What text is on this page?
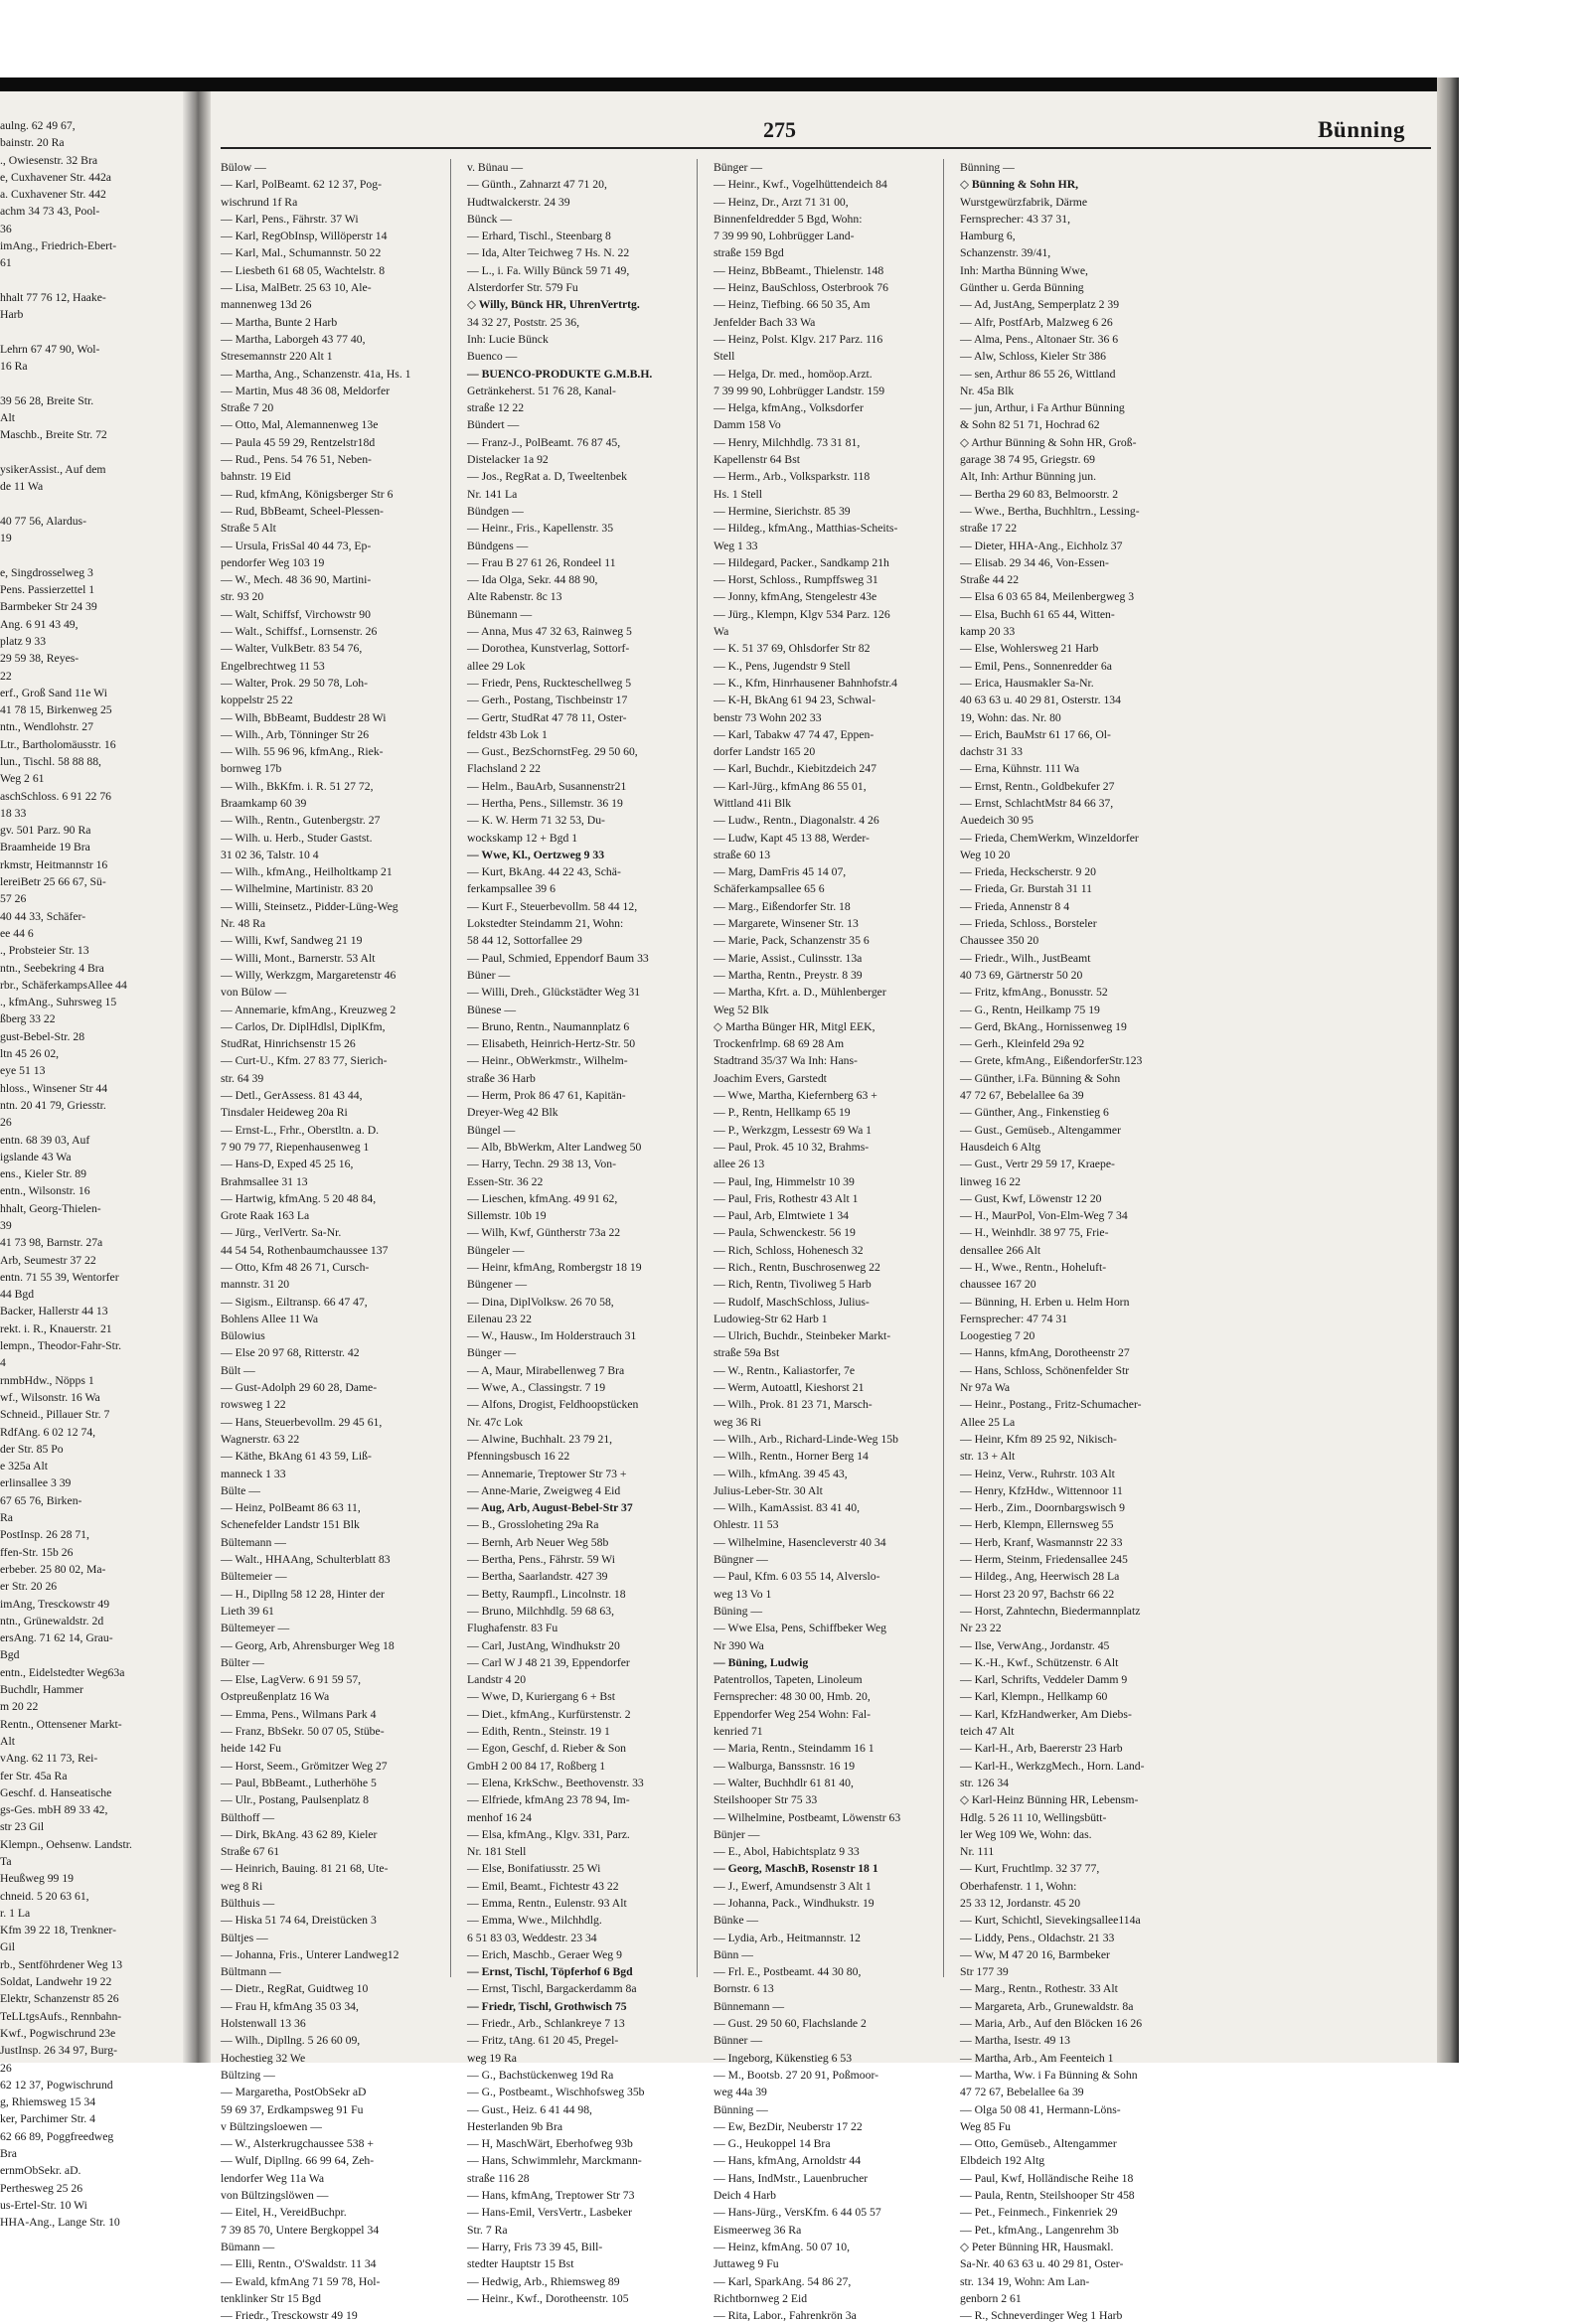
aulng. 62 49 67,
bainstr. 20 Ra
., Owiesenstr. 32 Bra
e, Cuxhavener Str. 442a
a. Cuxhavener Str. 442
achm 34 73 43, Pool-
36
imAng., Friedrich-Ebert-
61

hhalt 77 76 12, Haake-
Harb

Lehrn 67 47 90, Wol-
16 Ra

39 56 28, Breite Str.
Alt
Maschb., Breite Str. 72

ysikerAssist., Auf dem
de 11 Wa

40 77 56, Alardus-
19

e, Singdrosselweg 3
Pens. Passierzettel 1
Barmbeker Str 24 39
Ang. 6 91 43 49,
platz 9 33
29 59 38, Reyes-
22
erf., Groß Sand 11e Wi
41 78 15, Birkenweg 25
ntn., Wendlohstr. 27
Ltr., Bartholomäusstr. 16
lun., Tischl. 58 88 88,
Weg 2 61
aschSchloss. 6 91 22 76
18 33
gv. 501 Parz. 90 Ra
Braamheide 19 Bra
rkmstr, Heitmannstr 16
lereiBetr 25 66 67, Sü-
57 26
40 44 33, Schäfer-
ee 44 6
., Probsteier Str. 13
ntn., Seebekring 4 Bra
rbr., SchäferkampsAllee 44
., kfmAng., Suhrsweg 15
ßberg 33 22
gust-Bebel-Str. 28
ltn 45 26 02,
eye 51 13
hloss., Winsener Str 44
ntn. 20 41 79, Griesstr.
26
entn. 68 39 03, Auf
igslande 43 Wa
ens., Kieler Str. 89
entn., Wilsonstr. 16
hhalt, Georg-Thielen-
39
41 73 98, Barnstr. 27a
Arb, Seumestr 37 22
entn. 71 55 39, Wentorfer
44 Bgd
Backer, Hallerstr 44 13
rekt. i. R., Knauerstr. 21
lempn., Theodor-Fahr-Str.
4
rnmbHdw., Nöpps 1
wf., Wilsonstr. 16 Wa
Schneid., Pillauer Str. 7
RdfAng. 6 02 12 74,
der Str. 85 Po
e 325a Alt
erlinsallee 3 39
67 65 76, Birken-
Ra
PostInsp. 26 28 71,
ffen-Str. 15b 26
erbeber. 25 80 02, Ma-
er Str. 20 26
imAng, Tresckowstr 49
ntn., Grünewaldstr. 2d
ersAng. 71 62 14, Grau-
Bgd
entn., Eidelstedter Weg63a
Buchdlr, Hammer
m 20 22
Rentn., Ottensener Markt-
Alt
vAng. 62 11 73, Rei-
fer Str. 45a Ra
Geschf. d. Hanseatische
gs-Ges. mbH 89 33 42,
str 23 Gil
Klempn., Oehsenw. Landstr.
Ta
Heußweg 99 19
chneid. 5 20 63 61,
r. 1 La
Kfm 39 22 18, Trenkner-
Gil
rb., Sentföhrdener Weg 13
Soldat, Landwehr 19 22
Elektr, Schanzenstr 85 26
TeLLtgsAufs., Rennbahn-
Kwf., Pogwischrund 23e
JustInsp. 26 34 97, Burg-
26
62 12 37, Pogwischrund
g, Rhiemsweg 15 34
ker, Parchimer Str. 4
62 66 89, Poggfreedweg
Bra
ernmObSekr. aD.
Perthesweg 25 26
us-Ertel-Str. 10 Wi
HHA-Ang., Lange Str. 10
275	Bünning
Bülow —
— Karl, PolBeamt. 62 12 37, Pog-
wischrund 1f Ra
— Karl, Pens., Fährstr. 37 Wi
— Karl, RegObInsp, Willöperstr 14
— Karl, Mal., Schumannstr. 50 22
— Liesbeth 61 68 05, Wachtelstr. 8
— Lisa, MalBetr. 25 63 10, Ale-
mannenweg 13d 26
— Martha, Bunte 2 Harb
— Martha, Laborgeh 43 77 40,
Stresemannstr 220 Alt 1
— Martha, Ang., Schanzenstr. 41a, Hs. 1
— Martin, Mus 48 36 08, Meldorfer
Straße 7 20
— Otto, Mal, Alemannenweg 13e
— Paula 45 59 29, Rentzelstr18d
— Rud., Pens. 54 76 51, Neben-
bahnstr. 19 Eid
— Rud, kfmAng, Königsberger Str 6
— Rud, BbBeamt, Scheel-Plessen-
Straße 5 Alt
— Ursula, FrisSal 40 44 73, Ep-
pendorfer Weg 103 19
— W., Mech. 48 36 90, Martini-
str. 93 20
— Walt, Schiffsf, Virchowstr 90
— Walt., Schiffsf., Lornsenstr. 26
— Walter, VulkBetr. 83 54 76,
Engelbrechtweg 11 53
— Walter, Prok. 29 50 78, Loh-
koppelstr 25 22
— Wilh, BbBeamt, Buddestr 28 Wi
— Wilh., Arb, Tönninger Str 26
— Wilh. 55 96 96, kfmAng., Riek-
bornweg 17b
— Wilh., BkKfm. i. R. 51 27 72,
Braamkamp 60 39
— Wilh., Rentn., Gutenbergstr. 27
— Wilh. u. Herb., Studer Gastst.
31 02 36, Talstr. 10 4
— Wilh., kfmAng., Heilholtkamp 21
— Wilhelmine, Martinistr. 83 20
— Willi, Steinsetz., Pidder-Lüng-Weg
Nr. 48 Ra
— Willi, Kwf, Sandweg 21 19
— Willi, Mont., Barnerstr. 53 Alt
— Willy, Werkzgm, Margaretenstr 46
von Bülow —
— Annemarie, kfmAng., Kreuzweg 2
— Carlos, Dr. DiplHdlsl, DiplKfm,
StudRat, Hinrichsenstr 15 26
— Curt-U., Kfm. 27 83 77, Sierich-
str. 64 39
— Detl., GerAssess. 81 43 44,
Tinsdaler Heideweg 20a Ri
— Ernst-L., Frhr., Oberstltn. a. D.
7 90 79 77, Riepenhausenweg 1
— Hans-D, Exped 45 25 16,
Brahmsallee 31 13
— Hartwig, kfmAng. 5 20 48 84,
Grote Raak 163 La
— Jürg., VerlVertr. Sa-Nr.
44 54 54, Rothenbaumchaussee 137
— Otto, Kfm 48 26 71, Cursch-
mannstr. 31 20
— Sigism., Eiltransp. 66 47 47,
Bohlens Allee 11 Wa
Bülowius
— Else 20 97 68, Ritterstr. 42
Bült —
— Gust-Adolph 29 60 28, Dame-
rowsweg 1 22
— Hans, Steuerbevollm. 29 45 61,
Wagnerstr. 63 22
— Käthe, BkAng 61 43 59, Liß-
manneck 1 33
Bülte —
— Heinz, PolBeamt 86 63 11,
Schenefelder Landstr 151 Blk
Bültemann —
— Walt., HHAAng, Schulterblatt 83
Bültemeier —
— H., Dipllng 58 12 28, Hinter der
Lieth 39 61
Bültemeyer —
— Georg, Arb, Ahrensburger Weg 18
Bülter —
— Else, LagVerw. 6 91 59 57,
Ostpreußenplatz 16 Wa
— Emma, Pens., Wilmans Park 4
— Franz, BbSekr. 50 07 05, Stübe-
heide 142 Fu
— Horst, Seem., Grömitzer Weg 27
— Paul, BbBeamt., Lutherhöhe 5
— Ulr., Postang, Paulsenplatz 8
Bülthoff —
— Dirk, BkAng. 43 62 89, Kieler
Straße 67 61
— Heinrich, Bauing. 81 21 68, Ute-
weg 8 Ri
Bülthuis —
— Hiska 51 74 64, Dreistücken 3
Bültjes —
— Johanna, Fris., Unterer Landweg12
Bültmann —
— Dietr., RegRat, Guidtweg 10
— Frau H, kfmAng 35 03 34,
Holstenwall 13 36
— Wilh., Dipllng. 5 26 60 09,
Hochestieg 32 We
Bültzing —
— Margaretha, PostObSekr aD
59 69 37, Erdkampsweg 91 Fu
v Bültzingsloewen —
— W., Alsterkrugchaussee 538 +
— Wulf, Dipllng. 66 99 64, Zeh-
lendorfer Weg 11a Wa
von Bültzingslöwen —
— Eitel, H., VereidBuchpr.
7 39 85 70, Untere Bergkoppel 34
Bümann —
— Elli, Rentn., O'Swaldstr. 11 34
— Ewald, kfmAng 71 59 78, Hol-
tenklinker Str 15 Bgd
— Friedr., Tresckowstr 49 19
v. Bünau —
— Günth., Zahnarzt 47 71 20,
Hudtwalckerstr. 24 39
Bünck —
— Erhard, Tischl., Steenbarg 8
— Ida, Alter Teichweg 7 Hs. N. 22
— L., i. Fa. Willy Bünck 59 71 49,
Alsterdorfer Str. 579 Fu
◇ Willy, Bünck HR, UhrenVertrtg.
34 32 27, Poststr. 25 36,
Inh: Lucie Bünck
Buenco —
— BUENCO-PRODUKTE G.M.B.H.
Getränkeherst. 51 76 28, Kanal-
straße 12 22
Bündert —
— Franz-J., PolBeamt. 76 87 45,
Distelacker 1a 92
— Jos., RegRat a. D, Tweeltenbek
Nr. 141 La
Bündgen —
— Heinr., Fris., Kapellenstr. 35
Bündgens —
— Frau B 27 61 26, Rondeel 11
— Ida Olga, Sekr. 44 88 90,
Alte Rabenstr. 8c 13
Bünemann —
— Anna, Mus 47 32 63, Rainweg 5
— Dorothea, Kunstverlag, Sottorf-
allee 29 Lok
— Friedr, Pens, Ruckteschellweg 5
— Gerh., Postang, Tischbeinstr 17
— Gertr, StudRat 47 78 11, Oster-
feldstr 43b Lok 1
— Gust., BezSchornstFeg. 29 50 60,
Flachsland 2 22
— Helm., BauArb, Susannenstr21
— Hertha, Pens., Sillemstr. 36 19
— K. W. Herm 71 32 53, Du-
wockskamp 12 + Bgd 1
— Wwe, Kl., Oertzweg 9 33
— Kurt, BkAng. 44 22 43, Schä-
ferkampsallee 39 6
— Kurt F., Steuerbevollm. 58 44 12,
Lokstedter Steindamm 21, Wohn:
58 44 12, Sottorfallee 29
— Paul, Schmied, Eppendorf Baum 33
Büner —
— Willi, Dreh., Glückstädter Weg 31
Bünese —
— Bruno, Rentn., Naumannplatz 6
— Elisabeth, Heinrich-Hertz-Str. 50
— Heinr., ObWerkmstr., Wilhelm-
straße 36 Harb
— Herm, Prok 86 47 61, Kapitän-
Dreyer-Weg 42 Blk
Büngel —
— Alb, BbWerkm, Alter Landweg 50
— Harry, Techn. 29 38 13, Von-
Essen-Str. 36 22
— Lieschen, kfmAng. 49 91 62,
Sillemstr. 10b 19
— Wilh, Kwf, Güntherstr 73a 22
Büngeler —
— Heinr, kfmAng, Rombergstr 18 19
Büngener —
— Dina, DiplVolksw. 26 70 58,
Eilenau 23 22
— W., Hausw., Im Holderstrauch 31
Bünger —
— A, Maur, Mirabellenweg 7 Bra
— Wwe, A., Classingstr. 7 19
— Alfons, Drogist, Feldhoopstücken
Nr. 47c Lok
— Alwine, Buchhalt. 23 79 21,
Pfenningsbusch 16 22
— Annemarie, Treptower Str 73 +
— Anne-Marie, Zweigweg 4 Eid
— Aug, Arb, August-Bebel-Str 37
— B., Grossloheting 29a Ra
— Bernh, Arb Neuer Weg 58b
— Bertha, Pens., Fährstr. 59 Wi
— Bertha, Saarlandstr. 427 39
— Betty, Raumpfl., Lincolnstr. 18
— Bruno, Milchhdlg. 59 68 63,
Flughafenstr. 83 Fu
— Carl, JustAng, Windhukstr 20
— Carl W J 48 21 39, Eppendorfer
Landstr 4 20
— Wwe, D, Kuriergang 6 + Bst
— Diet., kfmAng., Kurfürstenstr. 2
— Edith, Rentn., Steinstr. 19 1
— Egon, Geschf, d. Rieber & Son
GmbH 2 00 84 17, Roßberg 1
— Elena, KrkSchw., Beethovenstr. 33
— Elfriede, kfmAng 23 78 94, Im-
menhof 16 24
— Elsa, kfmAng., Klgv. 331, Parz.
Nr. 181 Stell
— Else, Bonifatiusstr. 25 Wi
— Emil, Beamt., Fichtestr 43 22
— Emma, Rentn., Eulenstr. 93 Alt
— Emma, Wwe., Milchhdlg.
6 51 83 03, Weddestr. 23 34
— Erich, Maschb., Geraer Weg 9
— Ernst, Tischl, Töpferhof 6 Bgd
— Ernst, Tischl, Bargackerdamm 8a
— Friedr, Tischl, Grothwisch 75
— Friedr., Arb., Schlankreye 7 13
— Fritz, tAng. 61 20 45, Pregel-
weg 19 Ra
— G., Bachstückenweg 19d Ra
— G., Postbeamt., Wischhofsweg 35b
— Gust., Heiz. 6 41 44 98,
Hesterlanden 9b Bra
— H, MaschWärt, Eberhofweg 93b
— Hans, Schwimmlehr, Marckmann-
straße 116 28
— Hans, kfmAng, Treptower Str 73
— Hans-Emil, VersVertr., Lasbeker
Str. 7 Ra
— Harry, Fris 73 39 45, Bill-
stedter Hauptstr 15 Bst
— Hedwig, Arb., Rhiemsweg 89
— Heinr., Kwf., Dorotheenstr. 105
Bünger —
— Heinr., Kwf., Vogelhüttendeich 84
— Heinz, Dr., Arzt 71 31 00,
Binnenfeldredder 5 Bgd, Wohn:
7 39 99 90, Lohbrügger Land-
straße 159 Bgd
— Heinz, BbBeamt., Thielenstr. 148
— Heinz, BauSchloss, Osterbrook 76
— Heinz, Tiefbing. 66 50 35, Am
Jenfelder Bach 33 Wa
— Heinz, Polst. Klgv. 217 Parz. 116
Stell
— Helga, Dr. med., homöop.Arzt.
7 39 99 90, Lohbrügger Landstr. 159
— Helga, kfmAng., Volksdorfer
Damm 158 Vo
— Henry, Milchhdlg. 73 31 81,
Kapellenstr 64 Bst
— Herm., Arb., Volksparkstr. 118
Hs. 1 Stell
— Hermine, Sierichstr. 85 39
— Hildeg., kfmAng., Matthias-Scheits-
Weg 1 33
— Hildegard, Packer., Sandkamp 21h
— Horst, Schloss., Rumpffsweg 31
— Jonny, kfmAng, Stengelestr 43e
— Jürg., Klempn, Klgv 534 Parz. 126
Wa
— K. 51 37 69, Ohlsdorfer Str 82
— K., Pens, Jugendstr 9 Stell
— K., Kfm, Hinrhausener Bahnhofstr.4
— K-H, BkAng 61 94 23, Schwal-
benstr 73 Wohn 202 33
— Karl, Tabakw 47 74 47, Eppen-
dorfer Landstr 165 20
— Karl, Buchdr., Kiebitzdeich 247
— Karl-Jürg., kfmAng 86 55 01,
Wittland 41i Blk
— Ludw., Rentn., Diagonalstr. 4 26
— Ludw, Kapt 45 13 88, Werder-
straße 60 13
— Marg, DamFris 45 14 07,
Schäferkampsallee 65 6
— Marg., Eißendorfer Str. 18
— Margarete, Winsener Str. 13
— Marie, Pack, Schanzenstr 35 6
— Marie, Assist., Culinsstr. 13a
— Martha, Rentn., Preystr. 8 39
— Martha, Kfrt. a. D., Mühlenberger
Weg 52 Blk
◇ Martha Bünger HR, Mitgl EEK,
Trockenfrlmp. 68 69 28 Am
Stadtrand 35/37 Wa Inh: Hans-
Joachim Evers, Garstedt
— Wwe, Martha, Kiefernberg 63 +
— P., Rentn, Hellkamp 65 19
— P., Werkzgm, Lessestr 69 Wa 1
— Paul, Prok. 45 10 32, Brahms-
allee 26 13
— Paul, Ing, Himmelstr 10 39
— Paul, Fris, Rothestr 43 Alt 1
— Paul, Arb, Elmtwiete 1 34
— Paula, Schwenckestr. 56 19
— Rich, Schloss, Hohenesch 32
— Rich., Rentn, Buschrosenweg 22
— Rich, Rentn, Tivoliweg 5 Harb
— Rudolf, MaschSchloss, Julius-
Ludowieg-Str 62 Harb 1
— Ulrich, Buchdr., Steinbeker Markt-
straße 59a Bst
— W., Rentn., Kaliastorfer, 7e
— Werm, Autoattl, Kieshorst 21
— Wilh., Prok. 81 23 71, Marsch-
weg 36 Ri
— Wilh., Arb., Richard-Linde-Weg 15b
— Wilh., Rentn., Horner Berg 14
— Wilh., kfmAng. 39 45 43,
Julius-Leber-Str. 30 Alt
— Wilh., KamAssist. 83 41 40,
Ohlestr. 11 53
— Wilhelmine, Hasencleverstr 40 34
Büngner —
— Paul, Kfm. 6 03 55 14, Alverslo-
weg 13 Vo 1
Büning —
— Wwe Elsa, Pens, Schiffbeker Weg
Nr 390 Wa
— Büning, Ludwig
Patentrollos, Tapeten, Linoleum
Fernsprecher: 48 30 00, Hmb. 20,
Eppendorfer Weg 254 Wohn: Fal-
kenried 71
— Maria, Rentn., Steindamm 16 1
— Walburga, Banssnstr. 16 19
— Walter, Buchhdlr 61 81 40,
Steilshooper Str 75 33
— Wilhelmine, Postbeamt, Löwenstr 63
Bünjer —
— E., Abol, Habichtsplatz 9 33
— Georg, MaschB, Rosenstr 18 1
— J., Ewerf, Amundsenstr 3 Alt 1
— Johanna, Pack., Windhukstr. 19
Bünke —
— Lydia, Arb., Heitmannstr. 12
Bünn —
— Frl. E., Postbeamt. 44 30 80,
Bornstr. 6 13
Bünnemann —
— Gust. 29 50 60, Flachslande 2
Bünner —
— Ingeborg, Kükenstieg 6 53
— M., Bootsb. 27 20 91, Poßmoor-
weg 44a 39
Bünning —
— Ew, BezDir, Neuberstr 17 22
— G., Heukoppel 14 Bra
— Hans, kfmAng, Arnoldstr 44
— Hans, IndMstr., Lauenbrucher
Deich 4 Harb
— Hans-Jürg., VersKfm. 6 44 05 57
Eismeerweg 36 Ra
— Heinz, kfmAng. 50 07 10,
Juttaweg 9 Fu
— Karl, SparkAng. 54 86 27,
Richtbornweg 2 Eid
— Rita, Labor., Fahrenkrön 3a
Bünning —
◇ Bünning & Sohn HR,
Wurstgewürzfabrik, Därme
Fernsprecher: 43 37 31,
Hamburg 6,
Schanzenstr. 39/41,
Inh: Martha Bünning Wwe,
Günther u. Gerda Bünning
— Ad, JustAng, Semperplatz 2 39
— Alfr, PostfArb, Malzweg 6 26
— Alma, Pens., Altonaer Str. 36 6
— Alw, Schloss, Kieler Str 386
— sen, Arthur 86 55 26, Wittland
Nr. 45a Blk
— jun, Arthur, i Fa Arthur Bünning
& Sohn 82 51 71, Hochrad 62
◇ Arthur Bünning & Sohn HR, Groß-
garage 38 74 95, Griegstr. 69
Alt, Inh: Arthur Bünning jun.
— Bertha 29 60 83, Belmoorstr. 2
— Wwe., Bertha, Buchhltrn., Lessing-
straße 17 22
— Dieter, HHA-Ang., Eichholz 37
— Elisab. 29 34 46, Von-Essen-
Straße 44 22
— Elsa 6 03 65 84, Meilenbergweg 3
— Elsa, Buchh 61 65 44, Witten-
kamp 20 33
— Else, Wohlersweg 21 Harb
— Emil, Pens., Sonnenredder 6a
— Erica, Hausmakler Sa-Nr.
40 63 63 u. 40 29 81, Osterstr. 134
19, Wohn: das. Nr. 80
— Erich, BauMstr 61 17 66, Ol-
dachstr 31 33
— Erna, Kühnstr. 111 Wa
— Ernst, Rentn., Goldbekufer 27
— Ernst, SchlachtMstr 84 66 37,
Auedeich 30 95
— Frieda, ChemWerkm, Winzeldorfer
Weg 10 20
— Frieda, Heckscherstr. 9 20
— Frieda, Gr. Burstah 31 11
— Frieda, Annenstr 8 4
— Frieda, Schloss., Borsteler
Chaussee 350 20
— Friedr., Wilh., JustBeamt
40 73 69, Gärtnerstr 50 20
— Fritz, kfmAng., Bonusstr. 52
— G., Rentn, Heilkamp 75 19
— Gerd, BkAng., Hornissenweg 19
— Gerh., Kleinfeld 29a 92
— Grete, kfmAng., EißendorferStr.123
— Günther, i.Fa. Bünning & Sohn
47 72 67, Bebelallee 6a 39
— Günther, Ang., Finkenstieg 6
— Gust., Gemüseb., Altengammer
Hausdeich 6 Altg
— Gust., Vertr 29 59 17, Kraepe-
linweg 16 22
— Gust, Kwf, Löwenstr 12 20
— H., MaurPol, Von-Elm-Weg 7 34
— H., Weinhdlr. 38 97 75, Frie-
densallee 266 Alt
— H., Wwe., Rentn., Hoheluft-
chaussee 167 20
— Bünning, H. Erben u. Helm Horn
Fernsprecher: 47 74 31
Loogestieg 7 20
— Hanns, kfmAng, Dorotheenstr 27
— Hans, Schloss, Schönenfelder Str
Nr 97a Wa
— Heinr., Postang., Fritz-Schumacher-
Allee 25 La
— Heinr, Kfm 89 25 92, Nikisch-
str. 13 + Alt
— Heinz, Verw., Ruhrstr. 103 Alt
— Henry, KfzHdw., Wittennoor 11
— Herb., Zim., Doornbargswisch 9
— Herb, Klempn, Ellernsweg 55
— Herb, Kranf, Wasmannstr 22 33
— Herm, Steinm, Friedensallee 245
— Hildeg., Ang, Heerwisch 28 La
— Horst 23 20 97, Bachstr 66 22
— Horst, Zahntechn, Biedermannplatz
Nr 23 22
— Ilse, VerwAng., Jordanstr. 45
— K.-H., Kwf., Schützenstr. 6 Alt
— Karl, Schrifts, Veddeler Damm 9
— Karl, Klempn., Hellkamp 60
— Karl, KfzHandwerker, Am Diebs-
teich 47 Alt
— Karl-H., Arb, Baererstr 23 Harb
— Karl-H., WerkzgMech., Horn. Land-
str. 126 34
◇ Karl-Heinz Bünning HR, Lebensm-
Hdlg. 5 26 11 10, Wellingsbütt-
ler Weg 109 We, Wohn: das.
Nr. 111
— Kurt, Fruchtlmp. 32 37 77,
Oberhafenstr. 1 1, Wohn:
25 33 12, Jordanstr. 45 20
— Kurt, Schichtl, Sievekingsallee114a
— Liddy, Pens., Oldachstr. 21 33
— Ww, M 47 20 16, Barmbeker
Str 177 39
— Marg., Rentn., Rothestr. 33 Alt
— Margareta, Arb., Grunewaldstr. 8a
— Maria, Arb., Auf den Blöcken 16 26
— Martha, Isestr. 49 13
— Martha, Arb., Am Feenteich 1
— Martha, Ww. i Fa Bünning & Sohn
47 72 67, Bebelallee 6a 39
— Olga 50 08 41, Hermann-Löns-
Weg 85 Fu
— Otto, Gemüseb., Altengammer
Elbdeich 192 Altg
— Paul, Kwf, Holländische Reihe 18
— Paula, Rentn, Steilshooper Str 458
— Pet., Feinmech., Finkenriek 29
— Pet., kfmAng., Langenrehm 3b
◇ Peter Bünning HR, Hausmakl.
Sa-Nr. 40 63 63 u. 40 29 81, Oster-
str. 134 19, Wohn: Am Lan-
genborn 2 61
— R., Schneverdinger Weg 1 Harb
